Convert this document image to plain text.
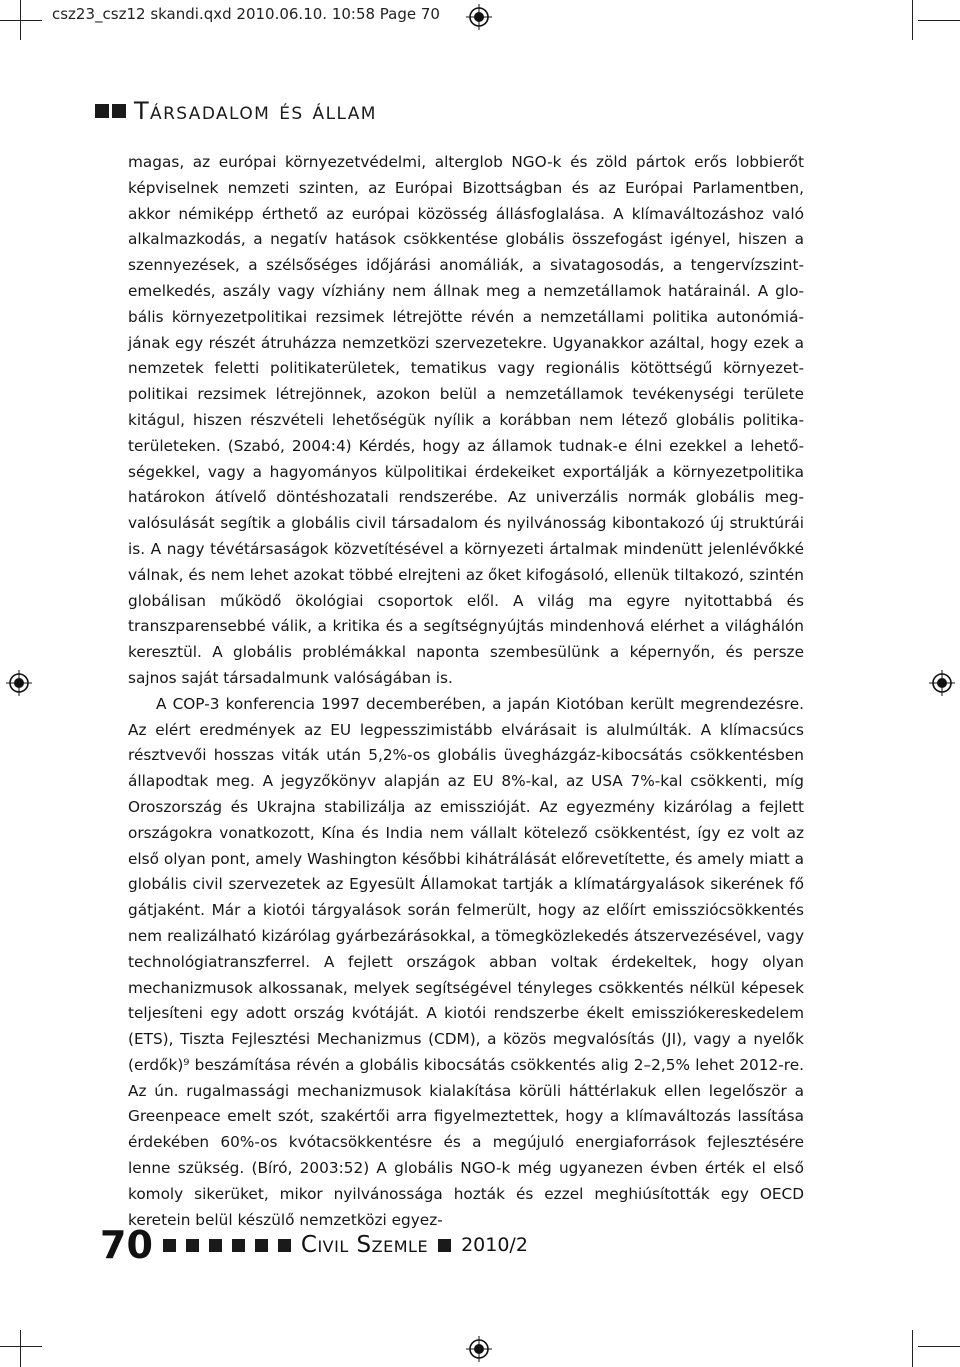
csz23_csz12 skandi.qxd 2010.06.10. 10:58 Page 70
Társadalom és állam

magas, az európai környezetvédelmi, alterglob NGO-k és zöld pártok erős lobbierőt képviselnek nemzeti szinten, az Európai Bizottságban és az Európai Parlamentben, akkor némiképp érthető az európai közösség állásfoglalása. A klímaváltozáshoz való alkalmazkodás, a negatív hatások csökkentése globális összefogást igényel, hiszen a szennyezések, a szélsőséges időjárási anomáliák, a sivatagosodás, a tengervízszintemelkedés, aszály vagy vízhiány nem állnak meg a nemzetállamok határainál. A globális környezetpolitikai rezsimek létrejötte révén a nemzetállami politika autonómiájának egy részét átruházza nemzetközi szervezetekre. Ugyanakkor azáltal, hogy ezek a nemzetek feletti politikaterületek, tematikus vagy regionális kötöttségű környezetpolitikai rezsimek létrejönnek, azokon belül a nemzetállamok tevékenységi területe kitágul, hiszen részvételi lehetőségük nyílik a korábban nem létező globális politikaterületeken. (Szabó, 2004:4) Kérdés, hogy az államok tudnak-e élni ezekkel a lehetőségekkel, vagy a hagyományos külpolitikai érdekeiket exportálják a környezetpolitika határokon átívelő döntéshozatali rendszerébe. Az univerzális normák globális megvalósulását segítik a globális civil társadalom és nyilvánosság kibontakozó új struktúrái is. A nagy tévétársaságok közvetítésével a környezeti ártalmak mindenütt jelenlévőkké válnak, és nem lehet azokat többé elrejteni az őket kifogásoló, ellenük tiltakozó, szintén globálisan működő ökológiai csoportok elől. A világ ma egyre nyitottabbá és transzparensebbé válik, a kritika és a segítségnyújtás mindenhová elérhet a világhálón keresztül. A globális problémákkal naponta szembesülünk a képernyőn, és persze sajnos saját társadalmunk valóságában is.

A COP-3 konferencia 1997 decemberében, a japán Kiotóban került megrendezésre. Az elért eredmények az EU legpesszimistább elvárásait is alulmúlták. A klímacsúcs résztvevői hosszas viták után 5,2%-os globális üvegházgáz-kibocsátás csökkentésben állapodtak meg. A jegyzőkönyv alapján az EU 8%-kal, az USA 7%-kal csökkenti, míg Oroszország és Ukrajna stabilizálja az emisszióját. Az egyezmény kizárólag a fejlett országokra vonatkozott, Kína és India nem vállalt kötelező csökkentést, így ez volt az első olyan pont, amely Washington későbbi kihátrálását előrevetítette, és amely miatt a globális civil szervezetek az Egyesült Államokat tartják a klímatárgyalások sikerének fő gátjaként. Már a kiotói tárgyalások során felmerült, hogy az előírt emissziócsökkentés nem realizálható kizárólag gyárbezárásokkal, a tömegközlekedés átszervezésével, vagy technológiatranszferrel. A fejlett országok abban voltak érdekeltek, hogy olyan mechanizmusok alkossanak, melyek segítségével tényleges csökkentés nélkül képesek teljesíteni egy adott ország kvótáját. A kiotói rendszerbe ékelt emissziókereskedelem (ETS), Tiszta Fejlesztési Mechanizmus (CDM), a közös megvalósítás (JI), vagy a nyelők (erdők)⁹ beszámítása révén a globális kibocsátás csökkentés alig 2–2,5% lehet 2012-re. Az ún. rugalmassági mechanizmusok kialakítása körüli háttérlakuk ellen legelőször a Greenpeace emelt szót, szakértői arra figyelmeztettek, hogy a klímaváltozás lassítása érdekében 60%-os kvótacsökkentésre és a megújuló energiaforrások fejlesztésére lenne szükség. (Bíró, 2003:52) A globális NGO-k még ugyanezen évben érték el első komoly sikerüket, mikor nyilvánossága hozták és ezzel meghiúsították egy OECD keretein belül készülő nemzetközi egyez-

70	Civil Szemle 2010/2
